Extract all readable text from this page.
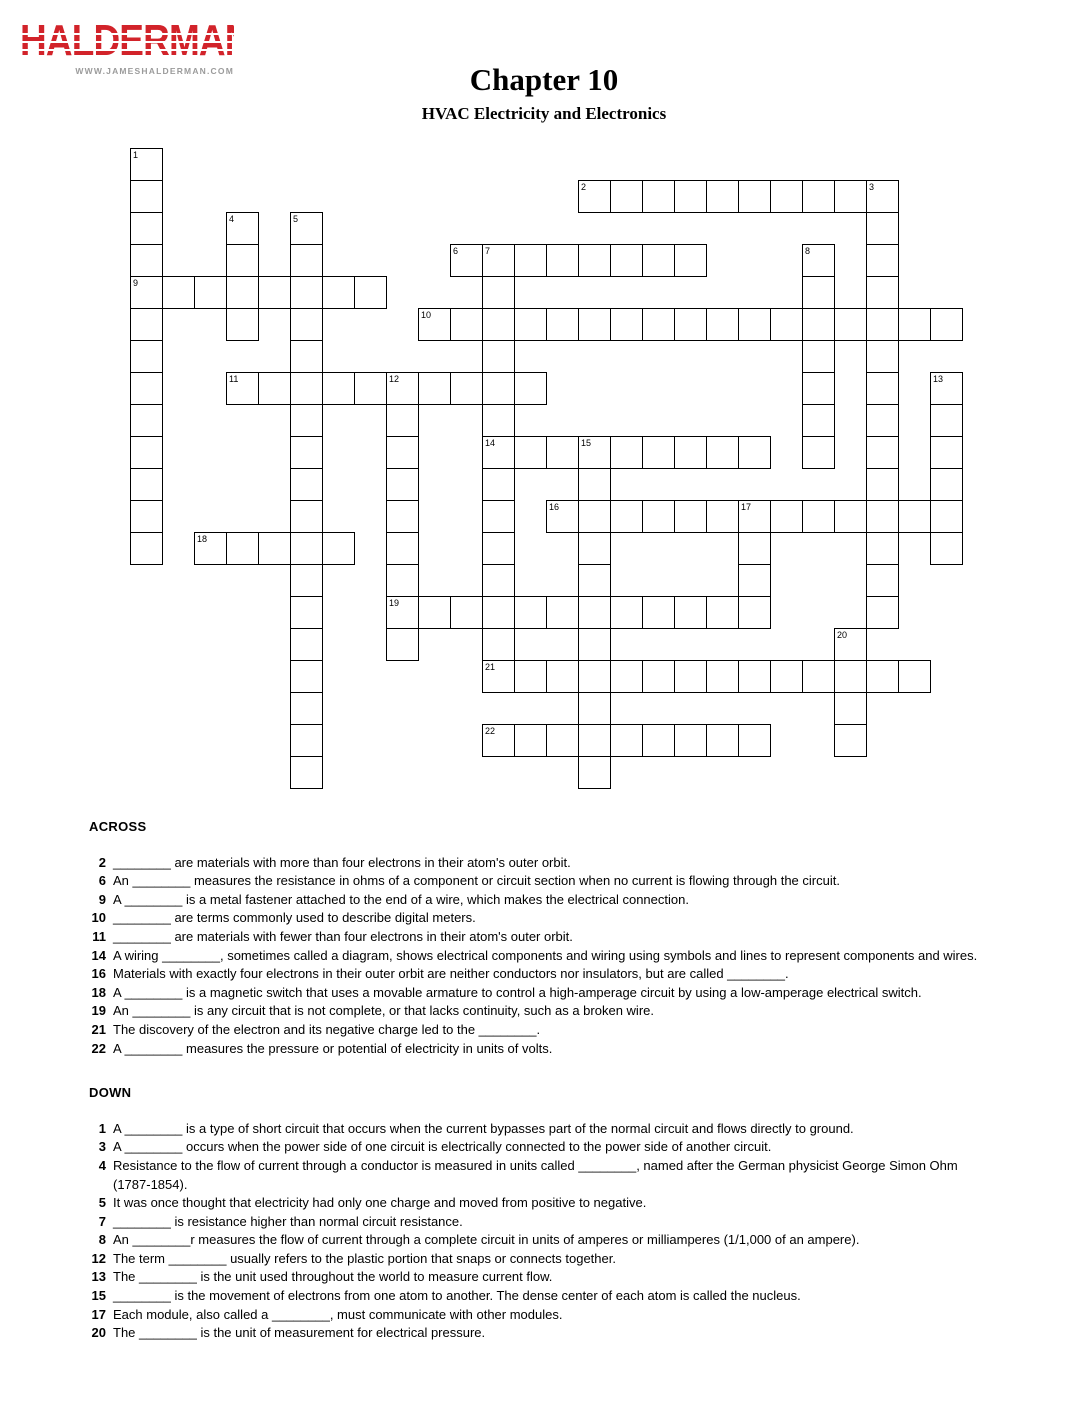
WWW.JAMESHALDERMAN.COM	Chapter 10
HVAC Electricity and Electronics
1
9
2	3
4	5
6	7
14
21
8
10
11	12
19
13
15
16	17
18
20
22
ACROSS
2 ________ are materials with more than four electrons in their atom's outer orbit.
6 An ________ measures the resistance in ohms of a component or circuit section when no current is flowing through the circuit.
9 A ________ is a metal fastener attached to the end of a wire, which makes the electrical connection.
10 ________ are terms commonly used to describe digital meters.
11 ________ are materials with fewer than four electrons in their atom's outer orbit.
14 A wiring ________, sometimes called a diagram, shows electrical components and wiring using symbols and lines to represent components and wires.
16 Materials with exactly four electrons in their outer orbit are neither conductors nor insulators, but are called ________.
18 A ________ is a magnetic switch that uses a movable armature to control a high-amperage circuit by using a low-amperage electrical switch.
19 An ________ is any circuit that is not complete, or that lacks continuity, such as a broken wire.
21 The discovery of the electron and its negative charge led to the ________.
22 A ________ measures the pressure or potential of electricity in units of volts.
DOWN
1 A ________ is a type of short circuit that occurs when the current bypasses part of the normal circuit and flows directly to ground.
3 A ________ occurs when the power side of one circuit is electrically connected to the power side of another circuit.
4 Resistance to the flow of current through a conductor is measured in units called ________, named after the German physicist George Simon Ohm (1787-1854).
5 It was once thought that electricity had only one charge and moved from positive to negative.
7 ________ is resistance higher than normal circuit resistance.
8 An ________r measures the flow of current through a complete circuit in units of amperes or milliamperes (1/1,000 of an ampere).
12 The term ________ usually refers to the plastic portion that snaps or connects together.
13 The ________ is the unit used throughout the world to measure current flow.
15 ________ is the movement of electrons from one atom to another. The dense center of each atom is called the nucleus.
17 Each module, also called a ________, must communicate with other modules.
20 The ________ is the unit of measurement for electrical pressure.
